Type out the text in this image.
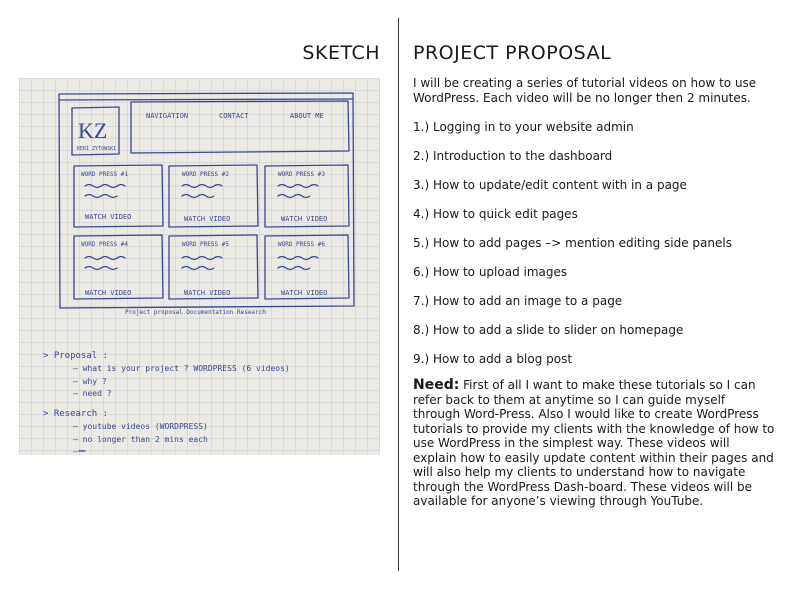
SKETCH PROJECT PROPOSAL
KZ
KERI ZYTOWSKI
NAVIGATION	CONTACT	ABOUT ME
WORD PRESS #1
WATCH VIDEO
WORD PRESS #2
WATCH VIDEO
WORD PRESS #3
WATCH VIDEO
WORD PRESS #4
WATCH VIDEO
WORD PRESS #5
WATCH VIDEO
WORD PRESS #6
WATCH VIDEO
Project proposal Documentation Research
> Proposal :
– what is your project ? WORDPRESS (6 videos)
– why ?
– need ?
> Research :
– youtube videos (WORDPRESS)
– no longer than 2 mins each
–

I will be creating a series of tutorial videos on how to use WordPress. Each video will be no longer then 2 minutes.

1.) Logging in to your website admin
2.) Introduction to the dashboard
3.) How to update/edit content with in a page
4.) How to quick edit pages
5.) How to add pages –> mention editing side panels
6.) How to upload images
7.) How to add an image to a page
8.) How to add a slide to slider on homepage
9.) How to add a blog post

Need: First of all I want to make these tutorials so I can refer back to them at anytime so I can guide myself through Word-Press. Also I would like to create WordPress tutorials to provide my clients with the knowledge of how to use WordPress in the simplest way. These videos will explain how to easily update content within their pages and will also help my clients to understand how to navigate through the WordPress Dash-board. These videos will be available for anyone’s viewing through YouTube.
